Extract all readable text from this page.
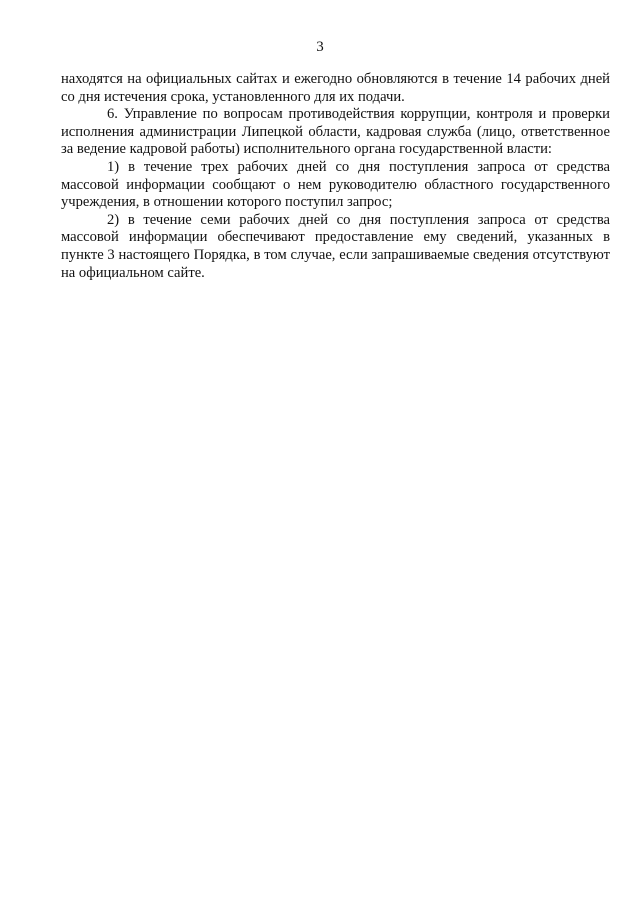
3

находятся на официальных сайтах и ежегодно обновляются в течение 14 рабочих дней со дня истечения срока, установленного для их подачи.

6. Управление по вопросам противодействия коррупции, контроля и проверки исполнения администрации Липецкой области, кадровая служба (лицо, ответственное за ведение кадровой работы) исполнительного органа государственной власти:

1) в течение трех рабочих дней со дня поступления запроса от средства массовой информации сообщают о нем руководителю областного государственного учреждения, в отношении которого поступил запрос;

2) в течение семи рабочих дней со дня поступления запроса от средства массовой информации обеспечивают предоставление ему сведений, указанных в пункте 3 настоящего Порядка, в том случае, если запрашиваемые сведения отсутствуют на официальном сайте.
